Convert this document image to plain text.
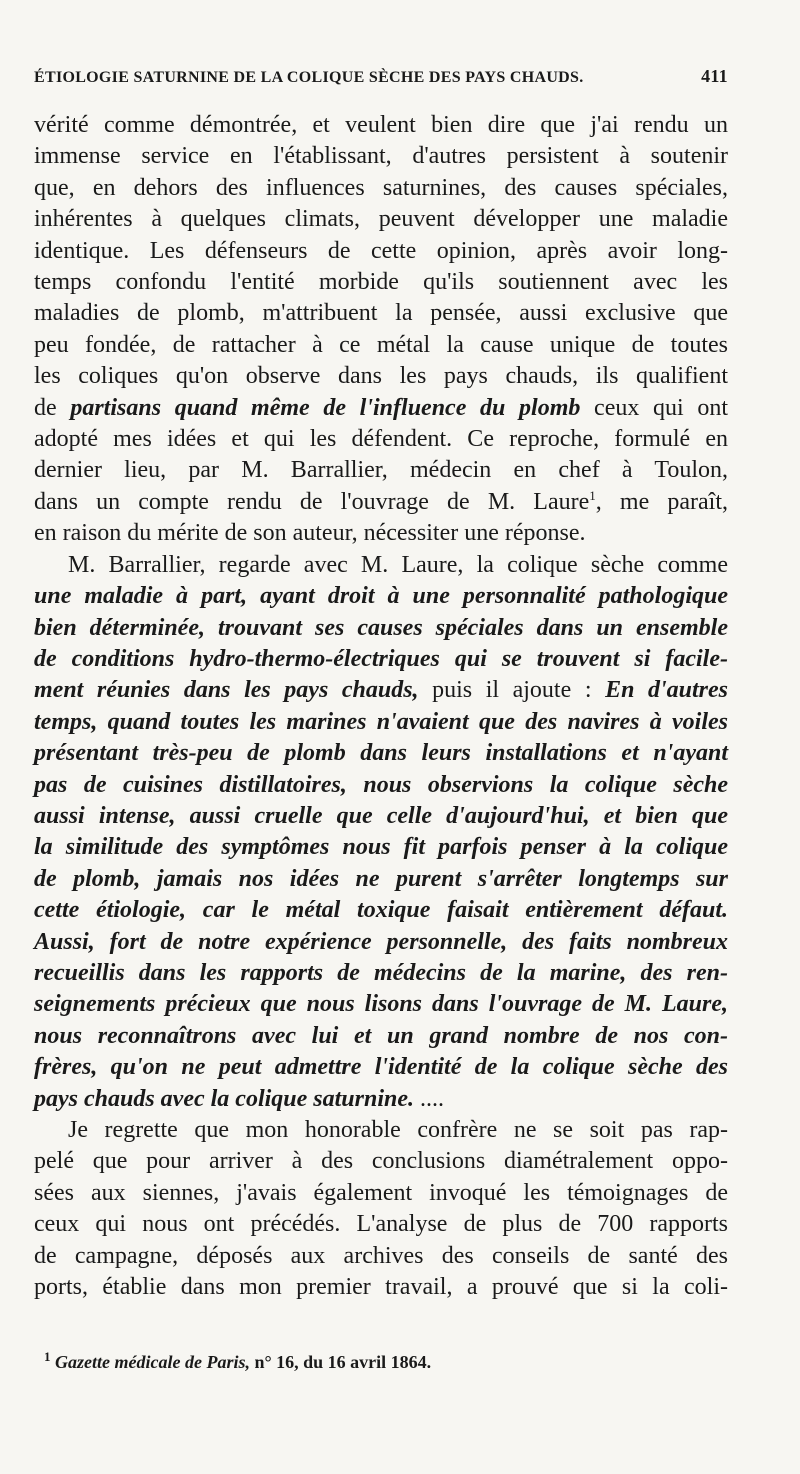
ÉTIOLOGIE SATURNINE DE LA COLIQUE SÈCHE DES PAYS CHAUDS.	411
vérité comme démontrée, et veulent bien dire que j'ai rendu un
immense service en l'établissant, d'autres persistent à soutenir
que, en dehors des influences saturnines, des causes spéciales,
inhérentes à quelques climats, peuvent développer une maladie
identique. Les défenseurs de cette opinion, après avoir long-
temps confondu l'entité morbide qu'ils soutiennent avec les
maladies de plomb, m'attribuent la pensée, aussi exclusive que
peu fondée, de rattacher à ce métal la cause unique de toutes
les coliques qu'on observe dans les pays chauds, ils qualifient
de partisans quand même de l'influence du plomb ceux qui ont
adopté mes idées et qui les défendent. Ce reproche, formulé en
dernier lieu, par M. Barrallier, médecin en chef à Toulon,
dans un compte rendu de l'ouvrage de M. Laure$^1$, me paraît,
en raison du mérite de son auteur, nécessiter une réponse.
M. Barrallier, regarde avec M. Laure, la colique sèche comme
une maladie à part, ayant droit à une personnalité pathologique
bien déterminée, trouvant ses causes spéciales dans un ensemble
de conditions hydro-thermo-électriques qui se trouvent si facile-
ment réunies dans les pays chauds, puis il ajoute : En d'autres
temps, quand toutes les marines n'avaient que des navires à voiles
présentant très-peu de plomb dans leurs installations et n'ayant
pas de cuisines distillatoires, nous observions la colique sèche
aussi intense, aussi cruelle que celle d'aujourd'hui, et bien que
la similitude des symptômes nous fit parfois penser à la colique
de plomb, jamais nos idées ne purent s'arrêter longtemps sur
cette étiologie, car le métal toxique faisait entièrement défaut.
Aussi, fort de notre expérience personnelle, des faits nombreux
recueillis dans les rapports de médecins de la marine, des ren-
seignements précieux que nous lisons dans l'ouvrage de M. Laure,
nous reconnaîtrons avec lui et un grand nombre de nos con-
frères, qu'on ne peut admettre l'identité de la colique sèche des
pays chauds avec la colique saturnine. ....
Je regrette que mon honorable confrère ne se soit pas rap-
pelé que pour arriver à des conclusions diamétralement oppo-
sées aux siennes, j'avais également invoqué les témoignages de
ceux qui nous ont précédés. L'analyse de plus de 700 rapports
de campagne, déposés aux archives des conseils de santé des
ports, établie dans mon premier travail, a prouvé que si la coli-
$^1$ Gazette médicale de Paris, n° 16, du 16 avril 1864.
